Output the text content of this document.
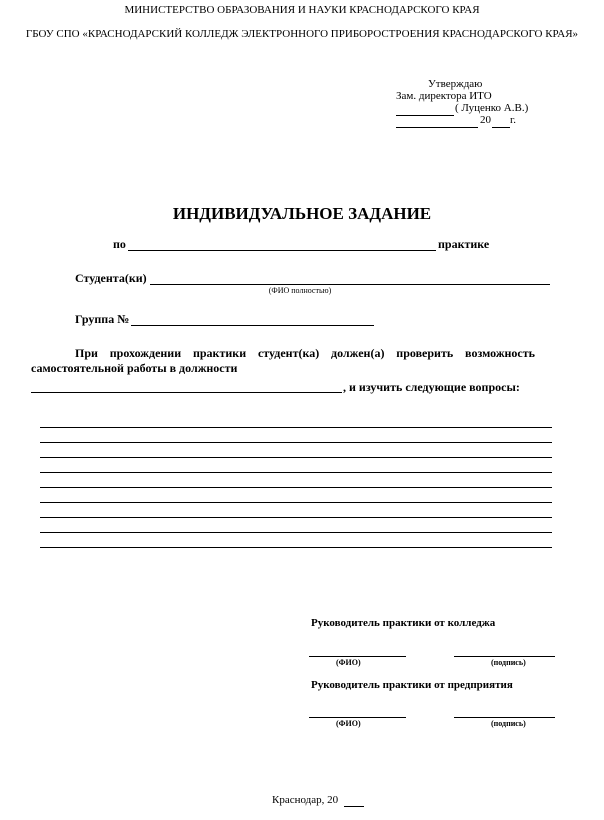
МИНИСТЕРСТВО ОБРАЗОВАНИЯ И НАУКИ КРАСНОДАРСКОГО КРАЯ
ГБОУ СПО «КРАСНОДАРСКИЙ КОЛЛЕДЖ ЭЛЕКТРОННОГО ПРИБОРОСТРОЕНИЯ КРАСНОДАРСКОГО КРАЯ»
Утверждаю
Зам. директора ИТО
( Луценко А.В.)
20 г.
ИНДИВИДУАЛЬНОЕ ЗАДАНИЕ
по	практике
Студента(ки)
(ФИО полностью)
Группа №
При прохождении практики студент(ка) должен(а) проверить возможность
самостоятельной работы в должности
, и изучить следующие вопросы:
Руководитель практики от колледжа
(ФИО)	(подпись)
Руководитель практики от предприятия
(ФИО)	(подпись)
Краснодар, 20
